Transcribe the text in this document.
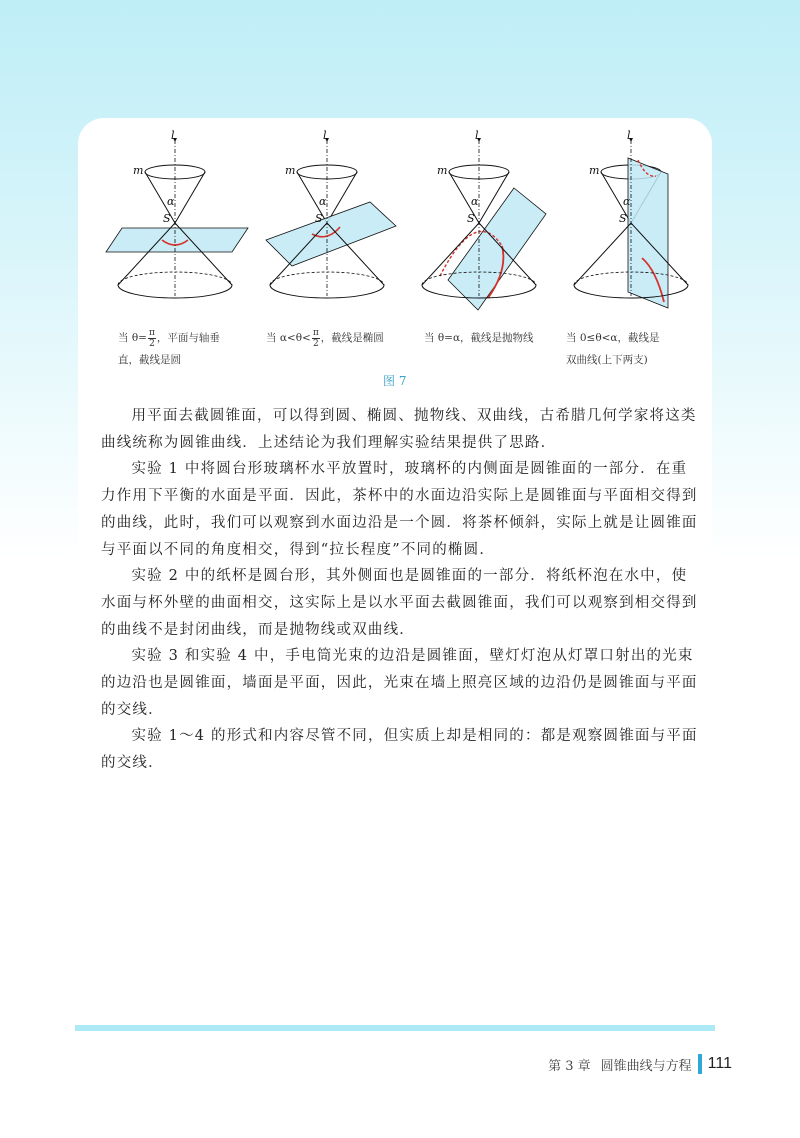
l
m
α
S
l
m
α
S
l
m
α
S
l
m
α
S
当 $\theta= \frac{\pi}{2}$ ，平面与轴垂
直，截线是圆
当 $\alpha<\theta< \frac{\pi}{2}$ ，截线是椭圆	当 θ=α，截线是抛物线	当 0≤θ<α，截线是
双曲线(上下两支)
图 7

用平面去截圆锥面，可以得到圆、椭圆、抛物线、双曲线，古希腊几何学家将这类曲线统称为圆锥曲线．上述结论为我们理解实验结果提供了思路．

实验 1 中将圆台形玻璃杯水平放置时，玻璃杯的内侧面是圆锥面的一部分．在重力作用下平衡的水面是平面．因此，茶杯中的水面边沿实际上是圆锥面与平面相交得到的曲线，此时，我们可以观察到水面边沿是一个圆．将茶杯倾斜，实际上就是让圆锥面与平面以不同的角度相交，得到“拉长程度”不同的椭圆．

实验 2 中的纸杯是圆台形，其外侧面也是圆锥面的一部分．将纸杯泡在水中，使水面与杯外壁的曲面相交，这实际上是以水平面去截圆锥面，我们可以观察到相交得到的曲线不是封闭曲线，而是抛物线或双曲线．

实验 3 和实验 4 中，手电筒光束的边沿是圆锥面，壁灯灯泡从灯罩口射出的光束的边沿也是圆锥面，墙面是平面，因此，光束在墙上照亮区域的边沿仍是圆锥面与平面的交线．

实验 1～4 的形式和内容尽管不同，但实质上却是相同的：都是观察圆锥面与平面的交线．

第 3 章 圆锥曲线与方程 111
